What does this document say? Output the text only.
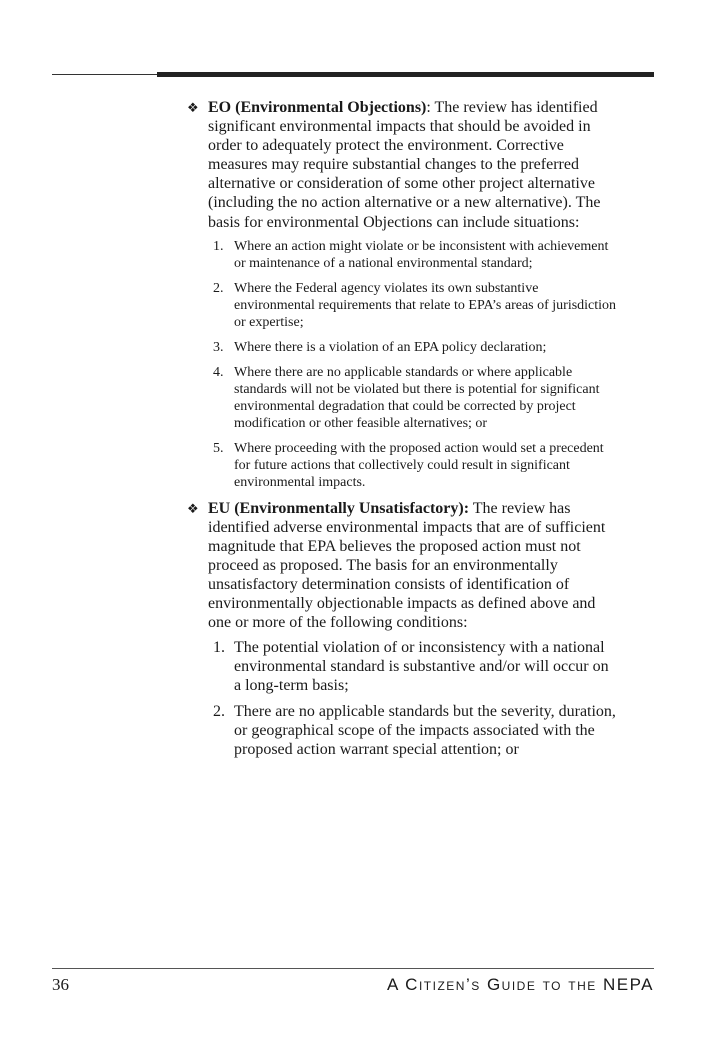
❖ EO (Environmental Objections): The review has identified significant environmental impacts that should be avoided in order to adequately protect the environment. Corrective measures may require substantial changes to the preferred alternative or consideration of some other project alternative (including the no action alternative or a new alternative). The basis for environmental Objections can include situations:
1. Where an action might violate or be inconsistent with achievement or maintenance of a national environmental standard;
2. Where the Federal agency violates its own substantive environmental requirements that relate to EPA’s areas of jurisdiction or expertise;
3. Where there is a violation of an EPA policy declaration;
4. Where there are no applicable standards or where applicable standards will not be violated but there is potential for significant environmental degradation that could be corrected by project modification or other feasible alternatives; or
5. Where proceeding with the proposed action would set a precedent for future actions that collectively could result in significant environmental impacts.
❖ EU (Environmentally Unsatisfactory): The review has identified adverse environmental impacts that are of sufficient magnitude that EPA believes the proposed action must not proceed as proposed. The basis for an environmentally unsatisfactory determination consists of identification of environmentally objectionable impacts as defined above and one or more of the following conditions:
1. The potential violation of or inconsistency with a national environmental standard is substantive and/or will occur on a long-term basis;
2. There are no applicable standards but the severity, duration, or geographical scope of the impacts associated with the proposed action warrant special attention; or
36	A Citizen’s Guide to the NEPA
